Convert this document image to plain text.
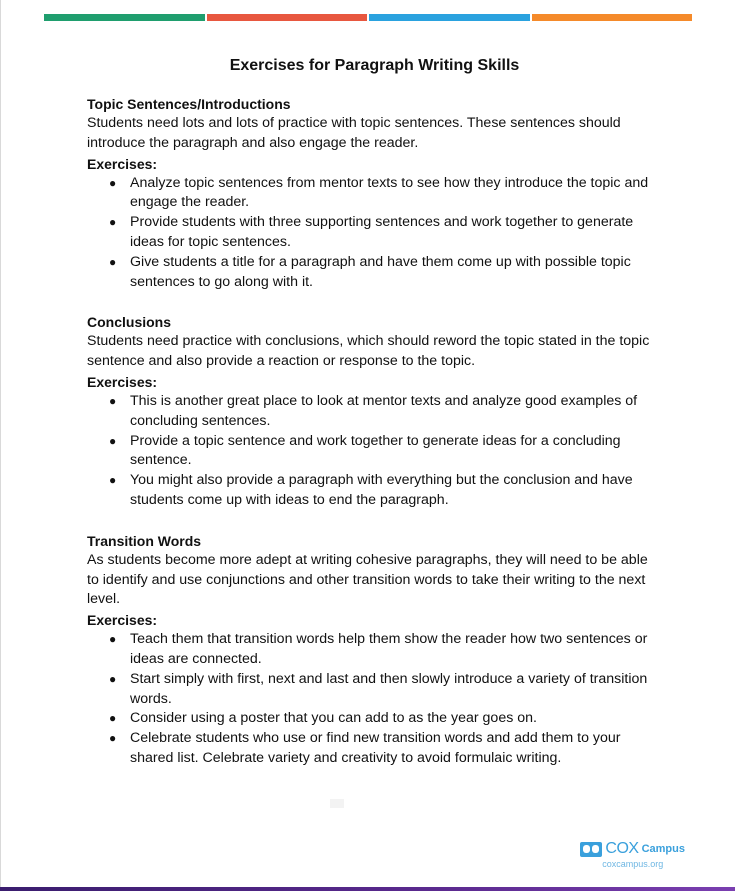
Exercises for Paragraph Writing Skills

Topic Sentences/Introductions

Students need lots and lots of practice with topic sentences. These sentences should introduce the paragraph and also engage the reader.

Exercises:

● Analyze topic sentences from mentor texts to see how they introduce the topic and engage the reader.
● Provide students with three supporting sentences and work together to generate ideas for topic sentences.
● Give students a title for a paragraph and have them come up with possible topic sentences to go along with it.

Conclusions

Students need practice with conclusions, which should reword the topic stated in the topic sentence and also provide a reaction or response to the topic.

Exercises:

● This is another great place to look at mentor texts and analyze good examples of concluding sentences.
● Provide a topic sentence and work together to generate ideas for a concluding sentence.
● You might also provide a paragraph with everything but the conclusion and have students come up with ideas to end the paragraph.

Transition Words

As students become more adept at writing cohesive paragraphs, they will need to be able to identify and use conjunctions and other transition words to take their writing to the next level.

Exercises:

● Teach them that transition words help them show the reader how two sentences or ideas are connected.
● Start simply with first, next and last and then slowly introduce a variety of transition words.
● Consider using a poster that you can add to as the year goes on.
● Celebrate students who use or find new transition words and add them to your shared list. Celebrate variety and creativity to avoid formulaic writing.
COX Campus
coxcampus.org
